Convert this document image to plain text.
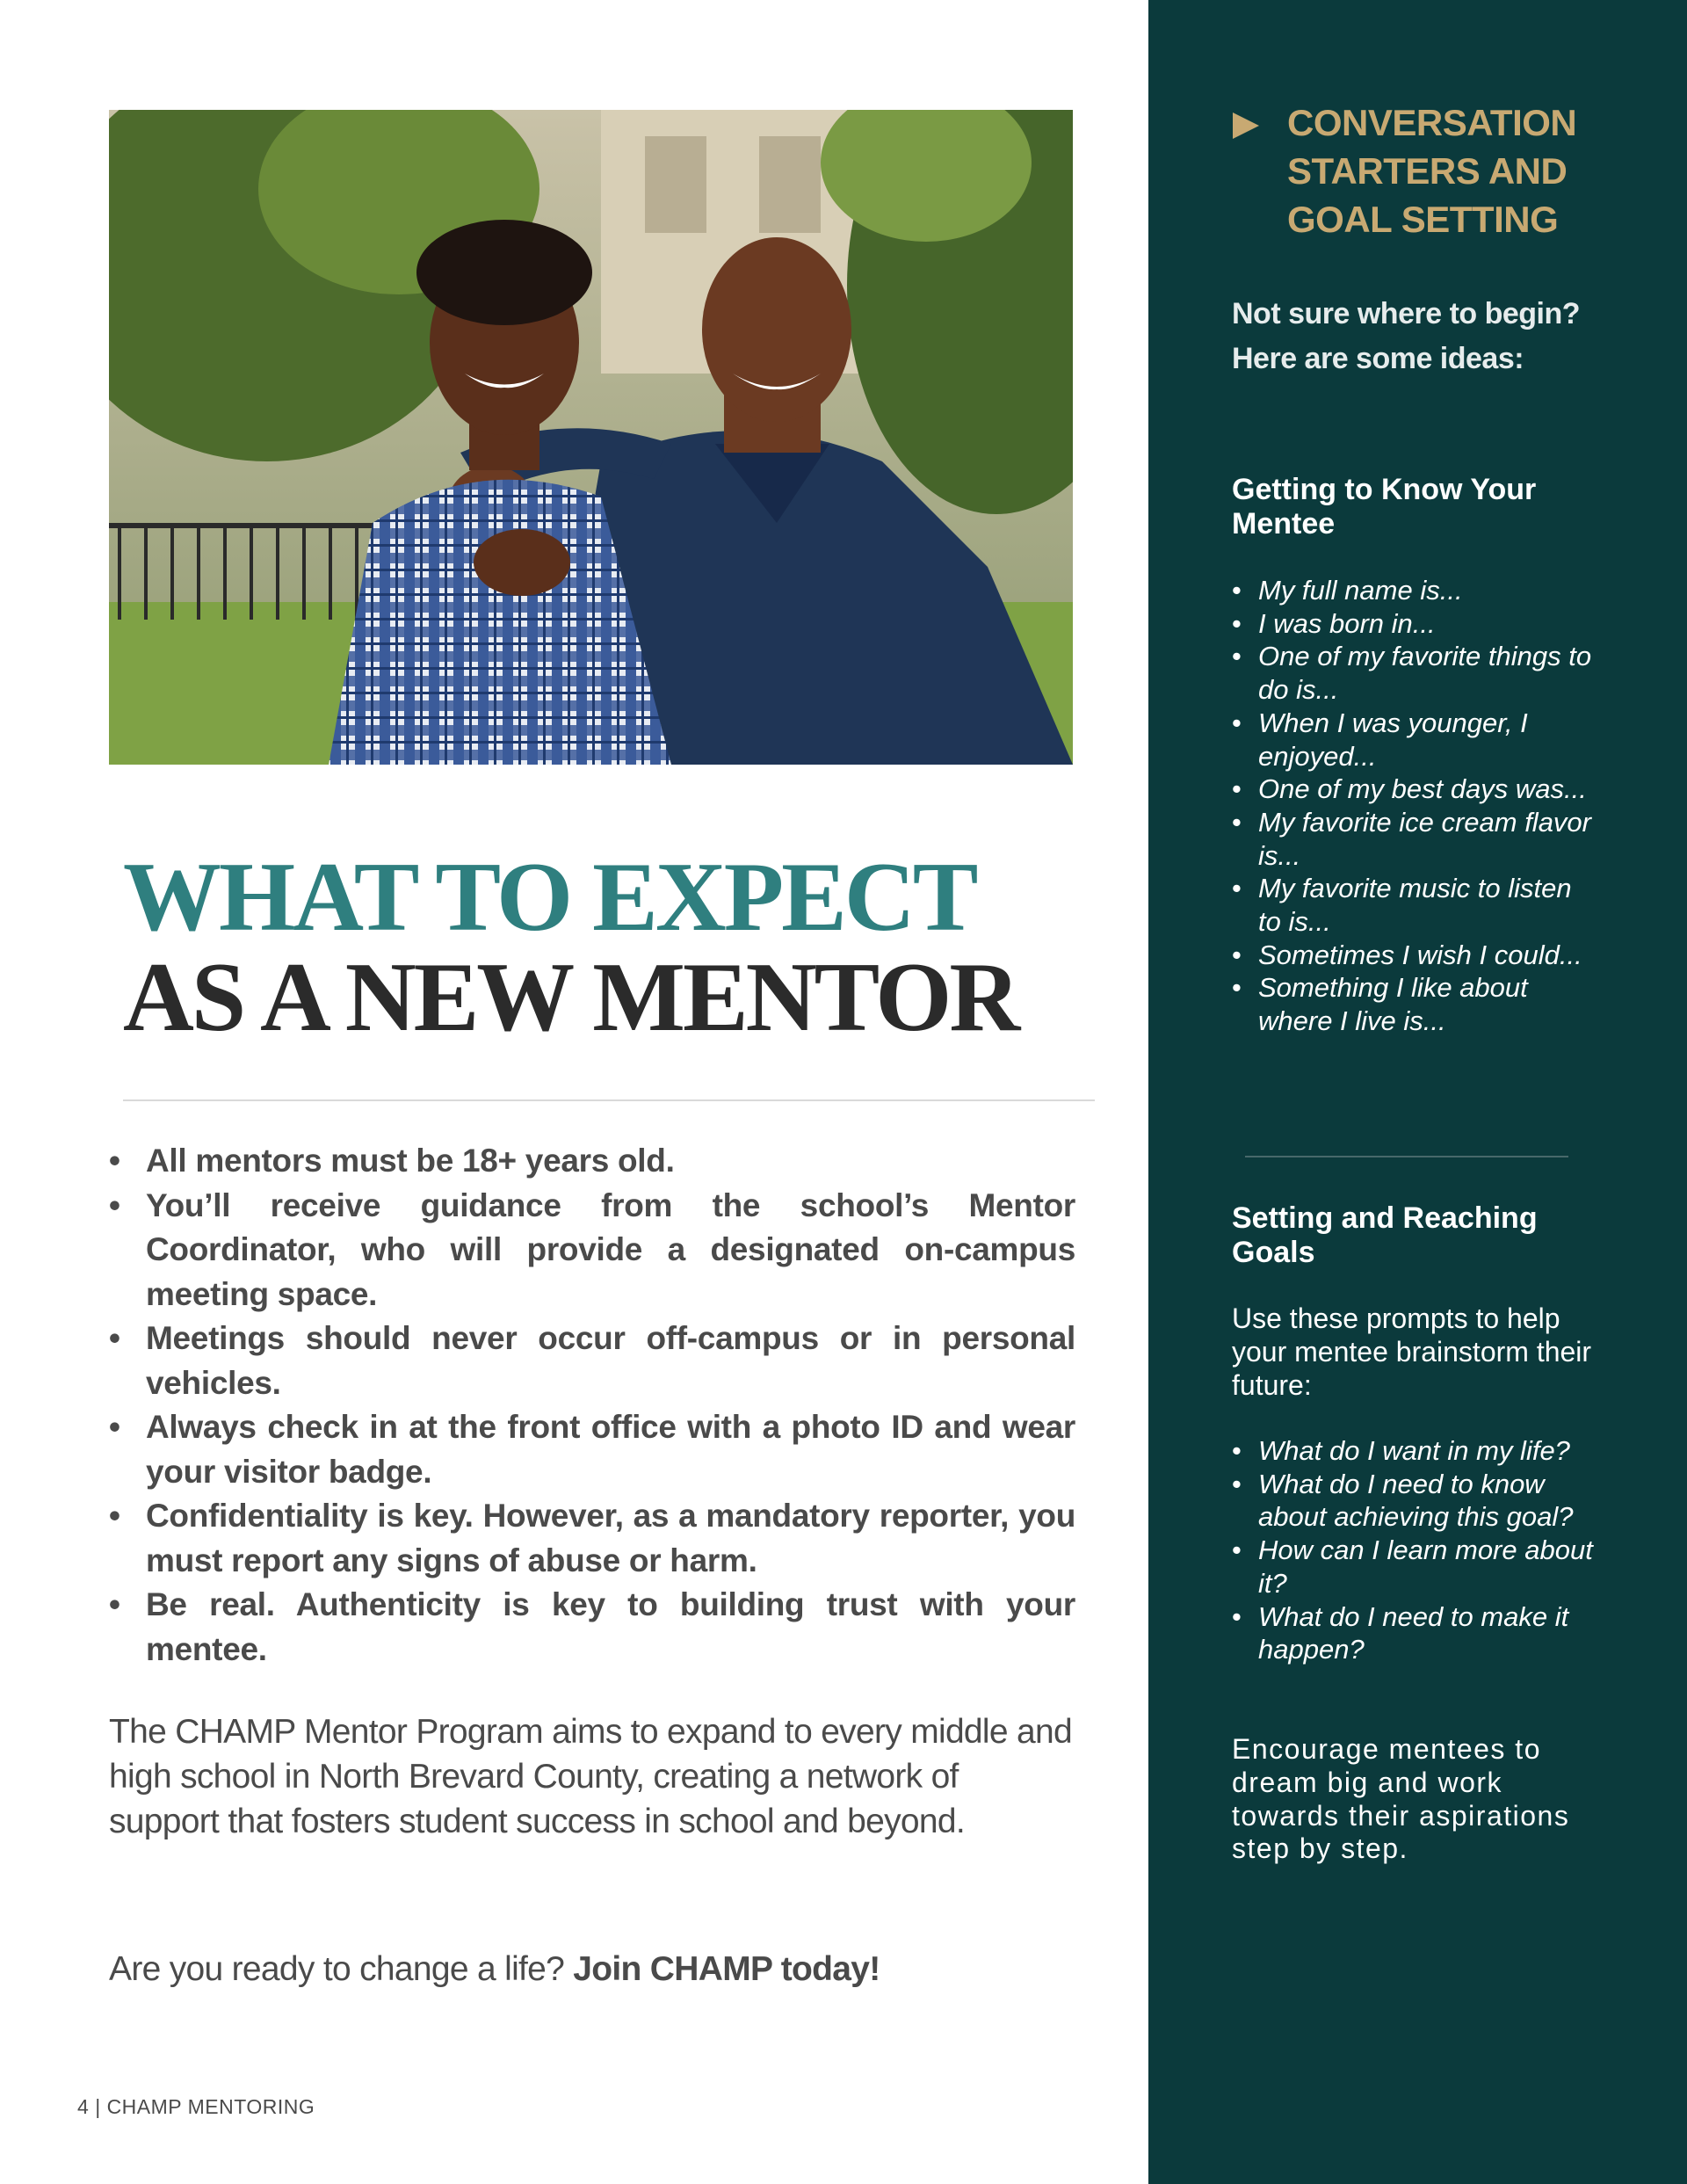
WHAT TO EXPECT
AS A NEW MENTOR
• All mentors must be 18+ years old.
• You’ll receive guidance from the school’s Mentor Coordinator, who will provide a designated on-campus meeting space.
• Meetings should never occur off-campus or in personal vehicles.
• Always check in at the front office with a photo ID and wear your visitor badge.
• Confidentiality is key. However, as a mandatory reporter, you must report any signs of abuse or harm.
• Be real. Authenticity is key to building trust with your mentee.

The CHAMP Mentor Program aims to expand to every middle and high school in North Brevard County, creating a network of support that fosters student success in school and beyond.

Are you ready to change a life? Join CHAMP today!

4 | CHAMP MENTORING
CONVERSATION STARTERS AND GOAL SETTING

Not sure where to begin? Here are some ideas:

Getting to Know Your Mentee
• My full name is...
• I was born in...
• One of my favorite things to do is...
• When I was younger, I enjoyed...
• One of my best days was...
• My favorite ice cream flavor is...
• My favorite music to listen to is...
• Sometimes I wish I could...
• Something I like about where I live is...
Setting and Reaching Goals

Use these prompts to help your mentee brainstorm their future:

• What do I want in my life?
• What do I need to know about achieving this goal?
• How can I learn more about it?
• What do I need to make it happen?

Encourage mentees to dream big and work towards their aspirations step by step.
